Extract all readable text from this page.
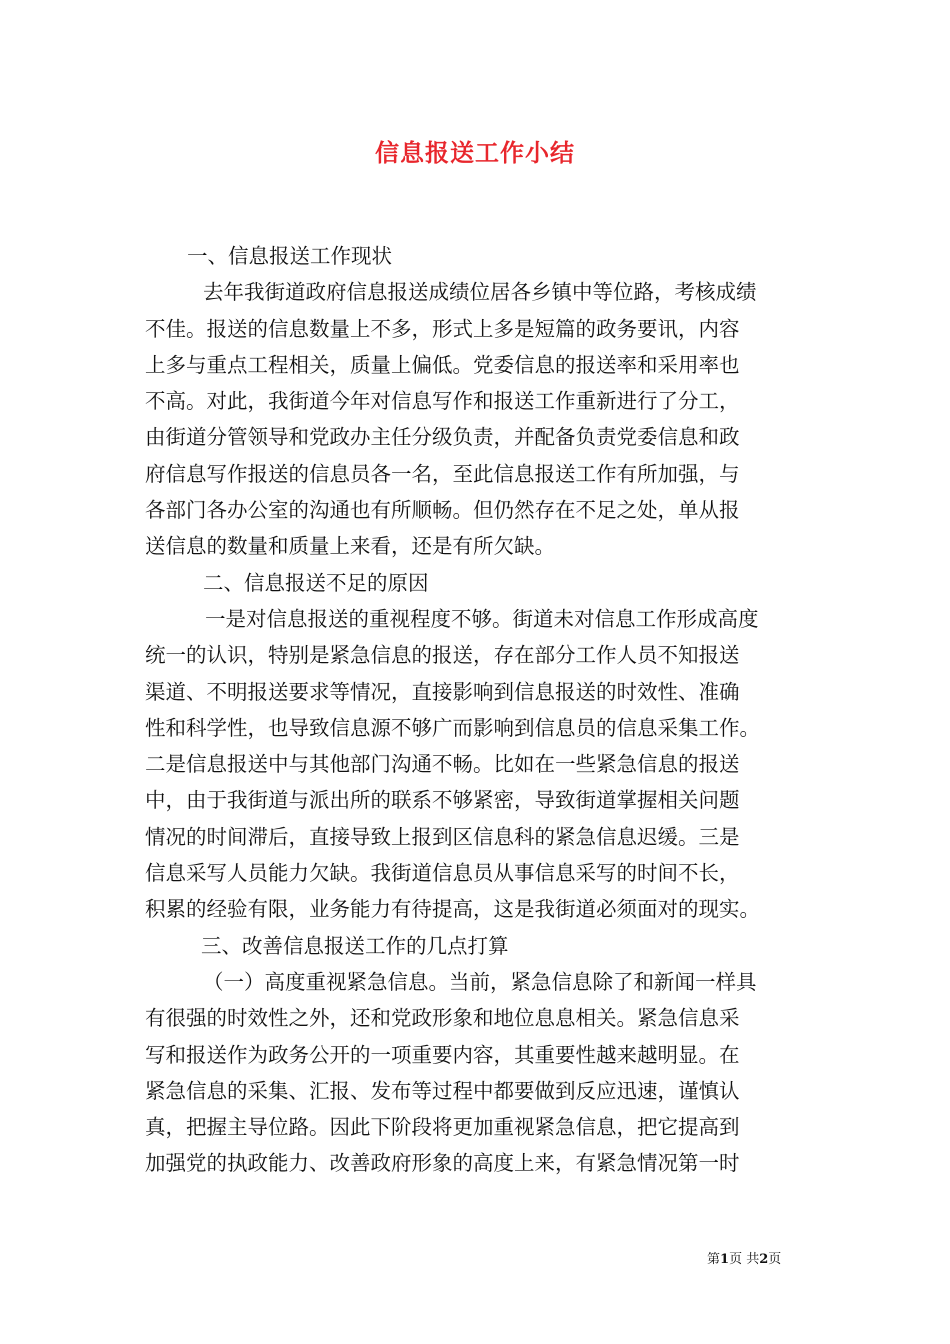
信息报送工作小结
一、信息报送工作现状
去年我街道政府信息报送成绩位居各乡镇中等位路，考核成绩
不佳。报送的信息数量上不多，形式上多是短篇的政务要讯，内容
上多与重点工程相关，质量上偏低。党委信息的报送率和采用率也
不高。对此，我街道今年对信息写作和报送工作重新进行了分工，
由街道分管领导和党政办主任分级负责，并配备负责党委信息和政
府信息写作报送的信息员各一名，至此信息报送工作有所加强，与
各部门各办公室的沟通也有所顺畅。但仍然存在不足之处，单从报
送信息的数量和质量上来看，还是有所欠缺。
二、信息报送不足的原因
一是对信息报送的重视程度不够。街道未对信息工作形成高度
统一的认识，特别是紧急信息的报送，存在部分工作人员不知报送
渠道、不明报送要求等情况，直接影响到信息报送的时效性、准确
性和科学性，也导致信息源不够广而影响到信息员的信息采集工作。
二是信息报送中与其他部门沟通不畅。比如在一些紧急信息的报送
中，由于我街道与派出所的联系不够紧密，导致街道掌握相关问题
情况的时间滞后，直接导致上报到区信息科的紧急信息迟缓。三是
信息采写人员能力欠缺。我街道信息员从事信息采写的时间不长，
积累的经验有限，业务能力有待提高，这是我街道必须面对的现实。
三、改善信息报送工作的几点打算
（一）高度重视紧急信息。当前，紧急信息除了和新闻一样具
有很强的时效性之外，还和党政形象和地位息息相关。紧急信息采
写和报送作为政务公开的一项重要内容，其重要性越来越明显。在
紧急信息的采集、汇报、发布等过程中都要做到反应迅速，谨慎认
真，把握主导位路。因此下阶段将更加重视紧急信息，把它提高到
加强党的执政能力、改善政府形象的高度上来，有紧急情况第一时
第1页 共2页
